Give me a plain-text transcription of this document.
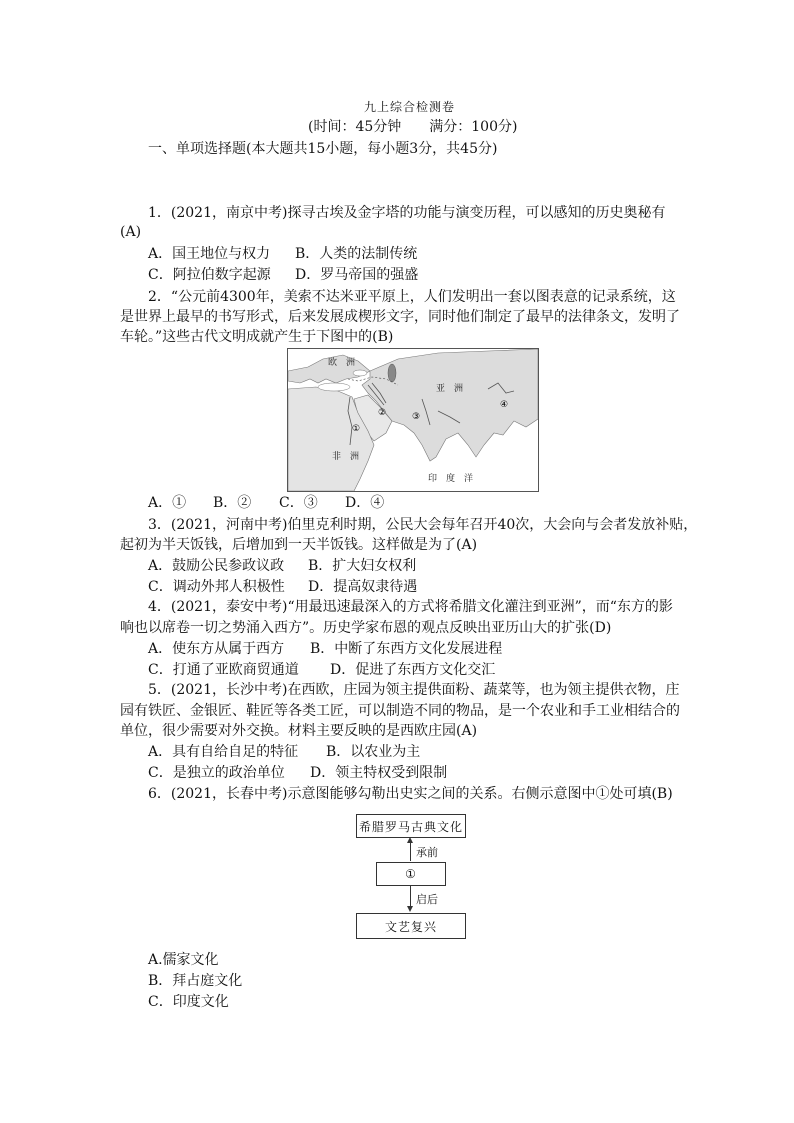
九上综合检测卷
(时间：45分钟　　满分：100分)
一、单项选择题(本大题共15小题，每小题3分，共45分)
1．(2021，南京中考)探寻古埃及金字塔的功能与演变历程，可以感知的历史奥秘有
(A)
A．国王地位与权力 B．人类的法制传统
C．阿拉伯数字起源 D．罗马帝国的强盛
2．“公元前4300年，美索不达米亚平原上，人们发明出一套以图表意的记录系统，这
是世界上最早的书写形式，后来发展成楔形文字，同时他们制定了最早的法律条文，发明了
车轮。”这些古代文明成就产生于下图中的(B)
欧　洲
亚　洲
非　洲
印　度　洋
①
②	③
④
A．① B．② C．③ D．④
3．(2021，河南中考)伯里克利时期，公民大会每年召开40次，大会向与会者发放补贴，
起初为半天饭钱，后增加到一天半饭钱。这样做是为了(A)
A．鼓励公民参政议政 B．扩大妇女权利
C．调动外邦人积极性 D．提高奴隶待遇
4．(2021，泰安中考)“用最迅速最深入的方式将希腊文化灌注到亚洲”，而“东方的影
响也以席卷一切之势涌入西方”。历史学家布恩的观点反映出亚历山大的扩张(D)
A．使东方从属于西方 B．中断了东西方文化发展进程
C．打通了亚欧商贸通道 D．促进了东西方文化交汇
5．(2021，长沙中考)在西欧，庄园为领主提供面粉、蔬菜等，也为领主提供衣物，庄
园有铁匠、金银匠、鞋匠等各类工匠，可以制造不同的物品，是一个农业和手工业相结合的
单位，很少需要对外交换。材料主要反映的是西欧庄园(A)
A．具有自给自足的特征 B．以农业为主
C．是独立的政治单位 D．领主特权受到限制
6．(2021，长春中考)示意图能够勾勒出史实之间的关系。右侧示意图中①处可填(B)
希腊罗马古典文化
承前
①
启后
文艺复兴
A.儒家文化
B．拜占庭文化
C．印度文化
